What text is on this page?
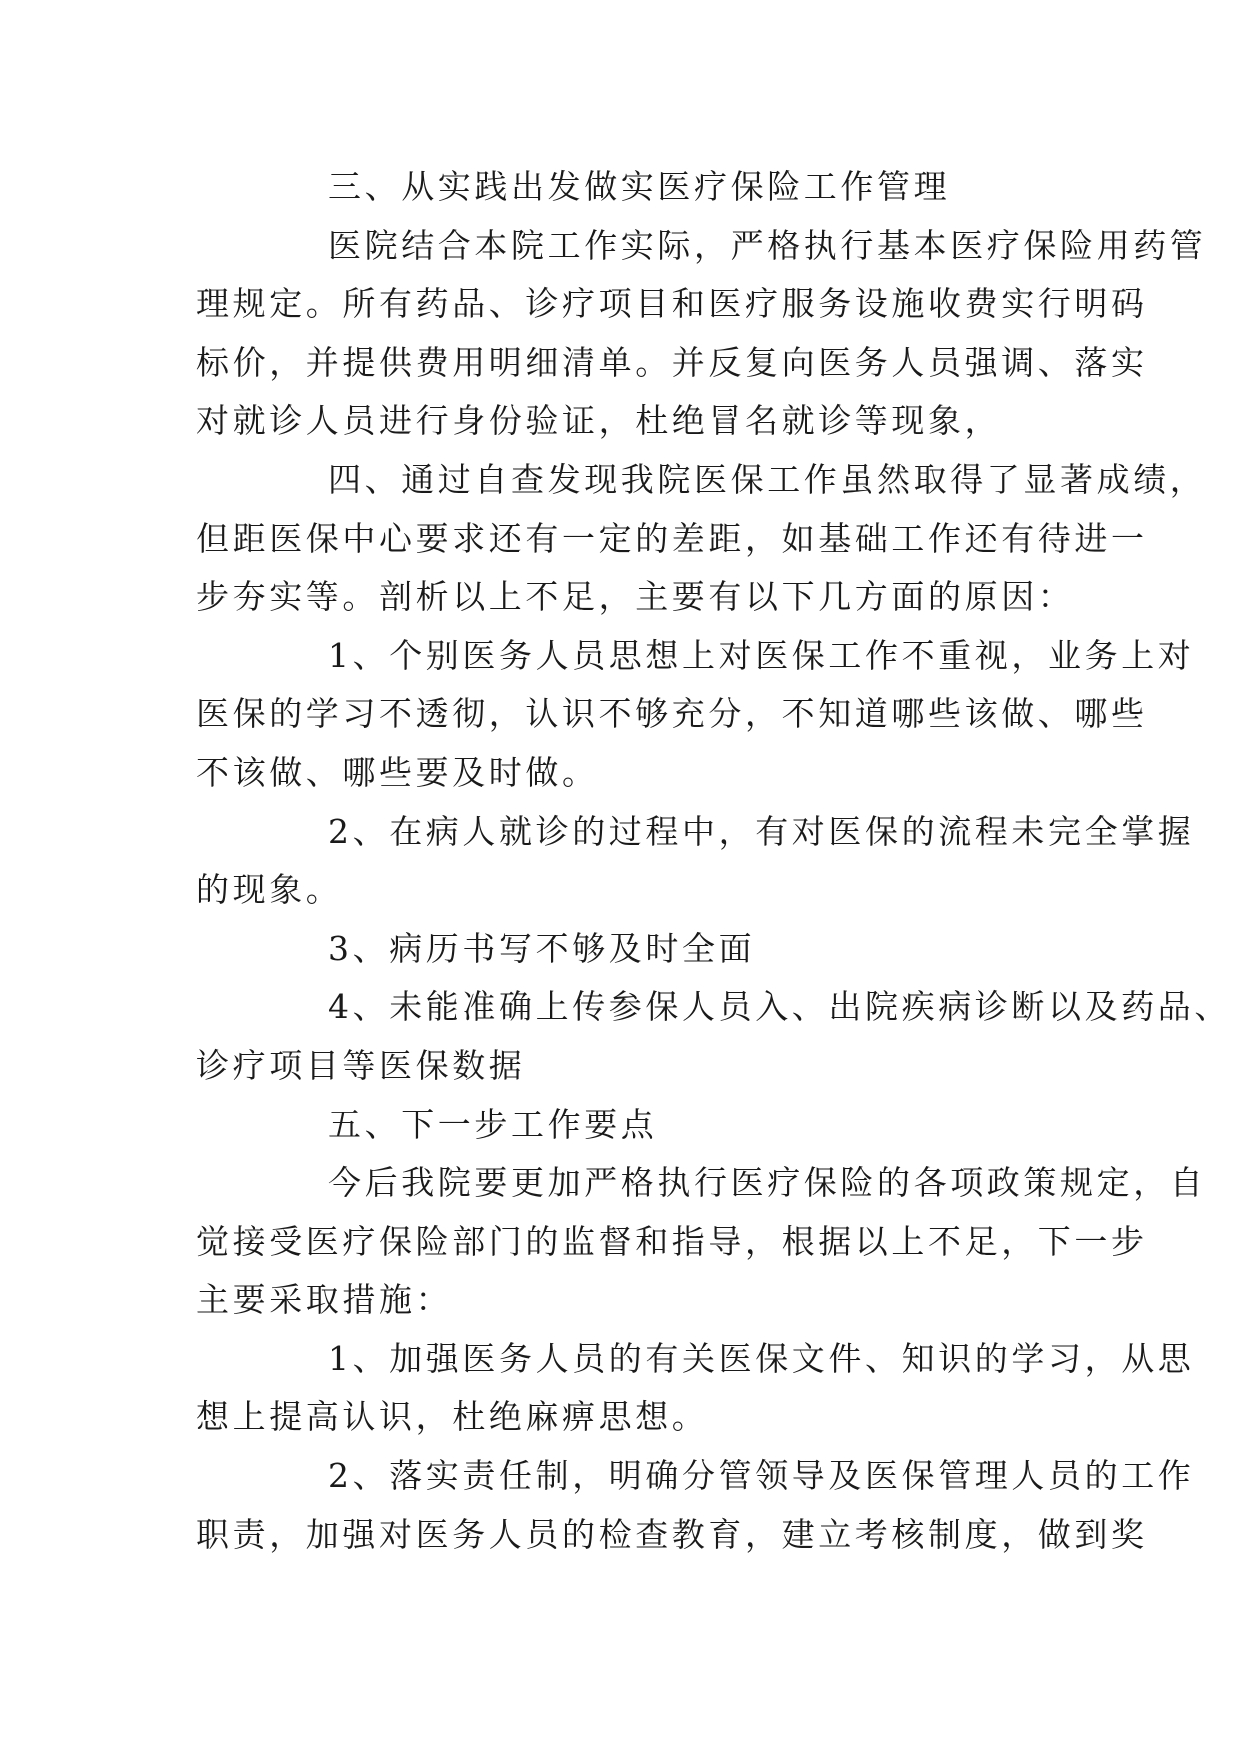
三、从实践出发做实医疗保险工作管理
医院结合本院工作实际，严格执行基本医疗保险用药管
理规定。所有药品、诊疗项目和医疗服务设施收费实行明码
标价，并提供费用明细清单。并反复向医务人员强调、落实
对就诊人员进行身份验证，杜绝冒名就诊等现象，
四、通过自查发现我院医保工作虽然取得了显著成绩，
但距医保中心要求还有一定的差距，如基础工作还有待进一
步夯实等。剖析以上不足，主要有以下几方面的原因：
1、个别医务人员思想上对医保工作不重视，业务上对
医保的学习不透彻，认识不够充分，不知道哪些该做、哪些
不该做、哪些要及时做。
2、在病人就诊的过程中，有对医保的流程未完全掌握
的现象。
3、病历书写不够及时全面
4、未能准确上传参保人员入、出院疾病诊断以及药品、
诊疗项目等医保数据
五、下一步工作要点
今后我院要更加严格执行医疗保险的各项政策规定，自
觉接受医疗保险部门的监督和指导，根据以上不足，下一步
主要采取措施：
1、加强医务人员的有关医保文件、知识的学习，从思
想上提高认识，杜绝麻痹思想。
2、落实责任制，明确分管领导及医保管理人员的工作
职责，加强对医务人员的检查教育，建立考核制度，做到奖
